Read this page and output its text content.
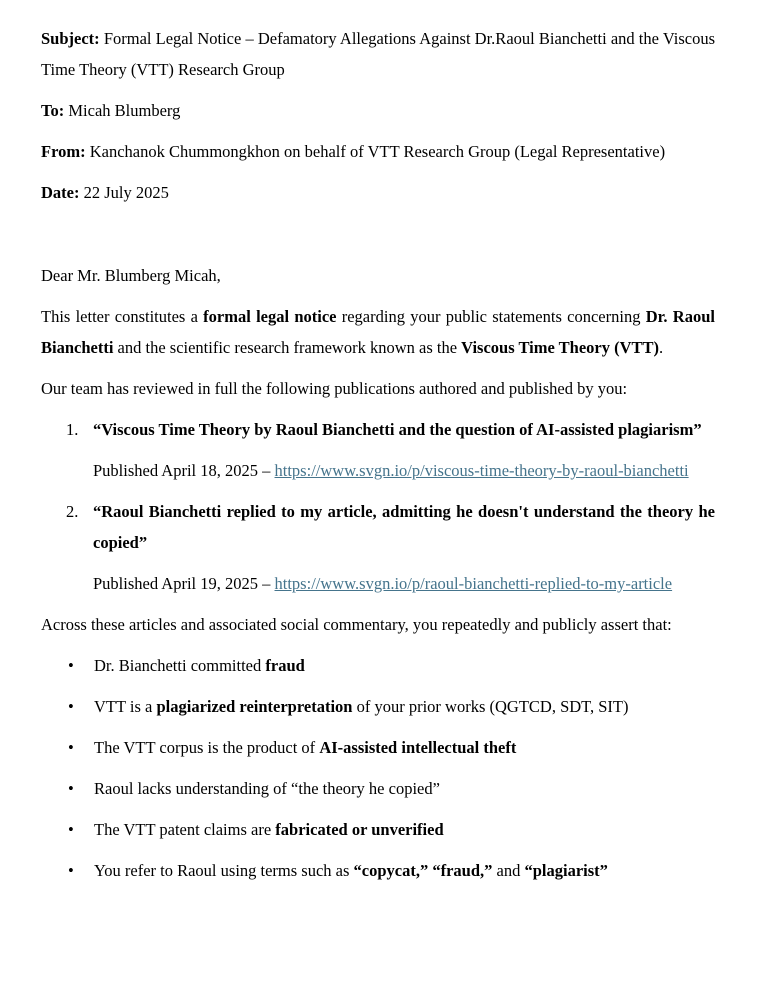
Subject: Formal Legal Notice – Defamatory Allegations Against Dr.Raoul Bianchetti and the Viscous Time Theory (VTT) Research Group

To: Micah Blumberg

From: Kanchanok Chummongkhon on behalf of VTT Research Group (Legal Representative)

Date: 22 July 2025

Dear Mr. Blumberg Micah,

This letter constitutes a formal legal notice regarding your public statements concerning Dr. Raoul Bianchetti and the scientific research framework known as the Viscous Time Theory (VTT).

Our team has reviewed in full the following publications authored and published by you:

1. “Viscous Time Theory by Raoul Bianchetti and the question of AI-assisted plagiarism”

Published April 18, 2025 – https://www.svgn.io/p/viscous-time-theory-by-raoul-bianchetti

2. “Raoul Bianchetti replied to my article, admitting he doesn't understand the theory he copied”

Published April 19, 2025 – https://www.svgn.io/p/raoul-bianchetti-replied-to-my-article

Across these articles and associated social commentary, you repeatedly and publicly assert that:

•	Dr. Bianchetti committed fraud
•	VTT is a plagiarized reinterpretation of your prior works (QGTCD, SDT, SIT)
•	The VTT corpus is the product of AI-assisted intellectual theft
•	Raoul lacks understanding of “the theory he copied”
•	The VTT patent claims are fabricated or unverified
•	You refer to Raoul using terms such as “copycat,” “fraud,” and “plagiarist”
